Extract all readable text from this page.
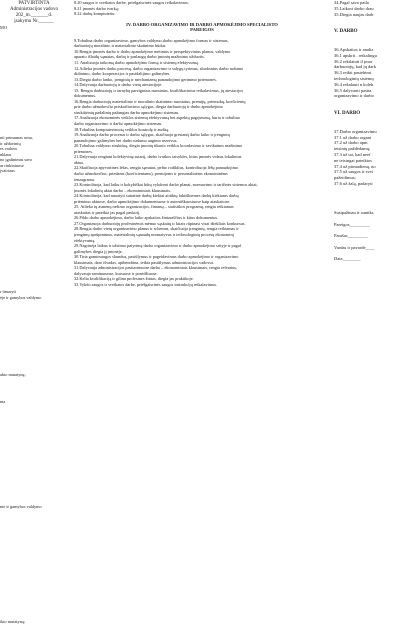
PATVIRTINTA
Administracijos vadovo
202_m._______d.
įsakymu Nr.______
MO

nti primumas senu,
ir uždavinių
es vadovo
nklaus
no įgalinimas savo
ar rinkiniuose
įvairiaus

r ūmaryti
ėje ir gamybos valdymo

akto mutatyną;

nia

nie ir gamybos valdymo

ikto mutatyną;
8.20 saugos ir sveikatos darbe, priešgaisrinės saugos reikalavimus;
8.21 įmonės darbo tvarką;
8.22 darbų kompiuteriu.
IV. DARBO ORGANIZAVIMO IR DARBO APMOKĖJIMO SPECIALISTO
PAREIGOS
9.Tobulina darbo organizavimo, gamybos valdymo,darbo apmokėjimo formas ir sistemas,
darbuotojų moralinio ir materialinio skatinimo būdus.
10.Rengia įmonės darbo ir darbo apmokėjimo metinius ir perspektyvinius planus, valdymo
aparato išlaidų sąmatas, darbų ir paslaugų darbo įmonių mažinimo užduotis.
11. Analizuoja taikomą darbo apmokėjimo formą ir sistemų efektyvumą.
12.Atlieka įmonės darbo procesų, darbo organizavimo ir salygų tyrimus, sluoksnius darbo našumo
didinimo, darbo kooperacijos ir pasidalijimo galimybes.
13.Diegia darbo lanko, įrenginių ir mechanizmų panaudojimo gerinimo priemones.
14.Dalyvauja darbuotojų ir darbo vietų atestacijoje.
15. Rengia darbuotojų ir tarnybų pareiginius nuostatus, kvalifikacinius reikalavimus, jų atestacijos
dokumentus.
16.Rengia darbuotojų materialinio ir moralinio skatinimo nuostatus, premijų, priemokų, koeficientų
prie darbo užmokesčio priskaičiavimo sąlygas, diegia darbuotojų ir darbo apmokėjimo
struktūrinių padalinių pažangias darbo apmokėjimo sistemas.
17.Analizuoja ekonominės veiklos sistemų efektyvumą bei aspektų pagrįstumą, kuria ir tobulina
darbo organizavimo ir darbo apmokėjimo sistemas.
18.Tobulina kompiuterizuotą veiklos kontrolę ir auditą.
19.Analizuoja darbo procesus ir darbo sąlygas, skaičiuoja gresiantį darbo laiko ir įrenginių
panaudojimo galimybes bei darbo našumo augimo rezervus.
20.Tobulina valdymo struktūrą, diegia įmonių tiksnio veiklos koordavimo ir savikainos mažinimo
priemones.
21.Dalyvauja rengiant kolektyvinę sutartį, darbo tvarkos taisykles, kitus įmonės vidaus lokalinius
aktus.
22.Skaičiuoja apyvartines lėšas, rengia sąmatas, pelno rodiklius, kontroliuoja lėšų panaudojimo
darbo užmokesčiui, priedams (koeficientams), premijoms ir personalinėms ekonominėms
tenzagrama.
23.Kontroliuoja, kad laiku ir kokybiškai būtų vykdomi darbo planai, normavimo ir tarifinės sistemos aktai,
įmonės lokalinių aktai darbo – ekonominiais klausimais.
24.Kontroliuoja, kad nuoatyti sutartinė darbų kiekiai atitiktų faktiškiemes darbų kiekiams darbų
priėmimo aktuose, darbo apmokėjimo dokumentuose ir autentiškuosiuose kaip ataskaitose.
25. Atlieka tų asmenų nešimo organizacijos, finansų – statistikos programų, rengia reikiamas
ataskaitas ir pateikia jas pagal paskirtį.
26.Pildo darbo apmokėjimo, darbo laiko apskaitos žiniaraščius ir kitus dokumentus.
27.Organizuoja darbuotojų profesinėmis mėnuo sąskaitų ir kitais rūpinasi visai ištekliais konkursus.
28.Rengia darbo vietų organizavimo planus ir schemas, skaičiuoja įrengimų, rengia reikiamas ir
įrengimų aprūpinimus, materialinių sąnaudų normatyvus ir technologinių procesų ekonominį
efektyvumą.
29.Nagrinėja laikus ir užsiimo patyrimą darbo organizavimo ir darbo apmokėjimo srityje ir pagal
galimybes diegia jį įmonėje.
30.Tiria gamtosaugos skundus, pasiūlymus ir pageidavimus darbo apmokėjimo ir organizavimo
klausimais, daro išvadas, apibendrina, teikia pasiūlymus administracijos vadovui.
31.Dalyvauja administracijos pasitarimuose darbo – ekonominiais klausimais, rengia referatus,
dalyvauja seminaruose, kursuose ir posėdžiuose.
32.Kelia kvalifikaciją ir gilina profesines žinias, diegia jas praktikoje.
33.Vykdo saugos ir sveikatos darbe, priešgaisrinės saugos instrukcijų reikalavimus.
34.Pagal savo pailo
35.Laikosi darbo drau
35.Diegia naujas darb

V. DARBO

36.Apskaitos ir analiz
36.1 apskrit . reikalingu
36.2 rekilaiuti il įmor
darbuotojų, kad jų dark
36.3 reikti pastebimi
technologinių sistemų
36.4 rekalauti n kolek
36.5 dalyvauti pasita
organizavimo ir darbo

VI. DARBO

37.Darbo organizavimu
37.1 už darbo organi
37.2 už darbo apm
teisinių paždėdamų;
37.3 už tai, kad neef
ne teisingai pateiktos
37.4 už pirmadienų, no
37.5 už saugos ir svei
pažeidimus;
37.6 už žalą, padaryti

Susipažinau ir suntiks

Pareigos_________

Parašas_________

Vardas ir pavardė____

Data________
